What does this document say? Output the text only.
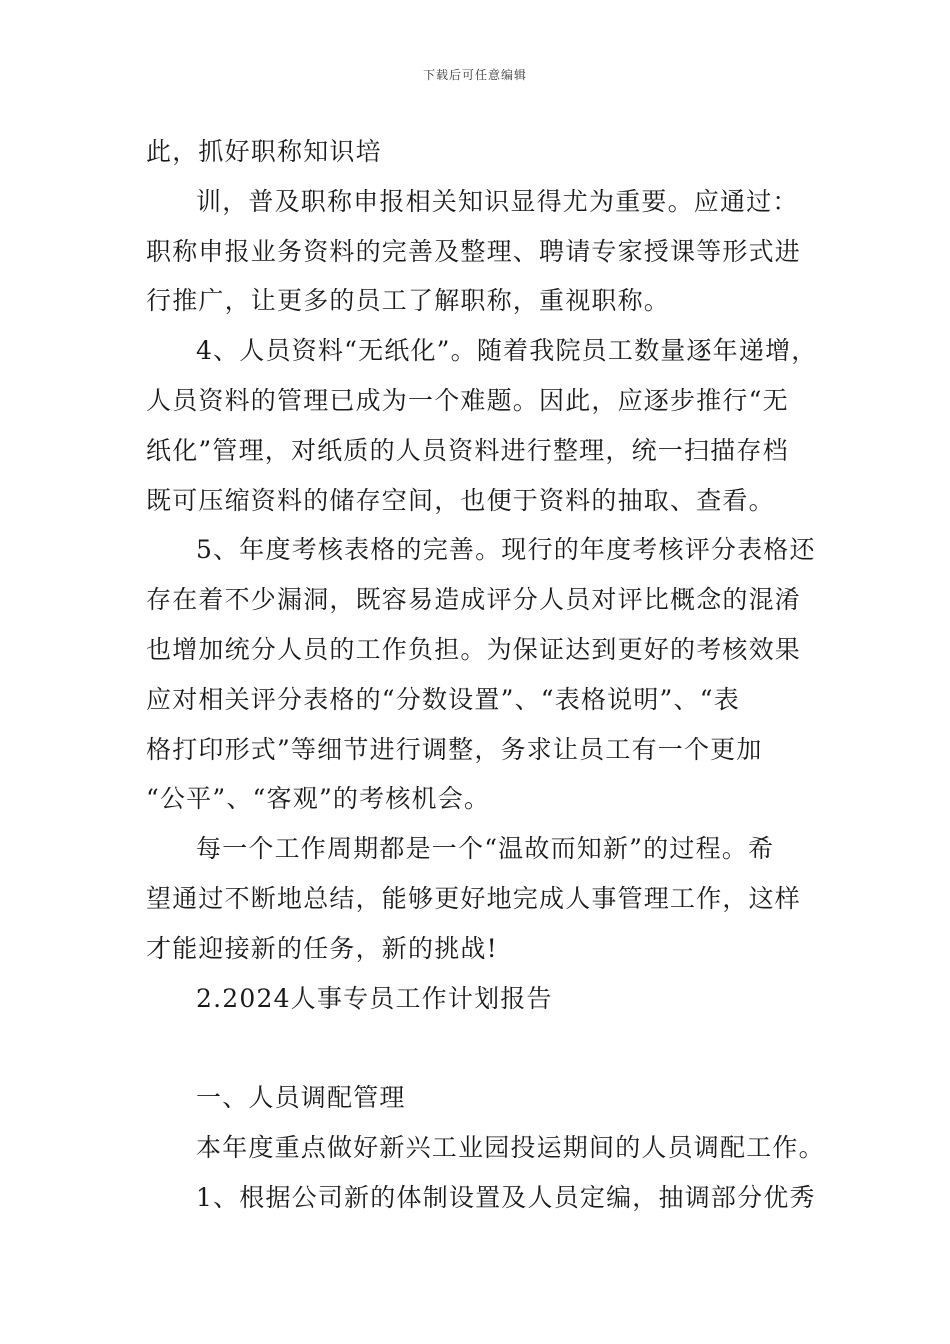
下载后可任意编辑
此，抓好职称知识培
训，普及职称申报相关知识显得尤为重要。应通过：
职称申报业务资料的完善及整理、聘请专家授课等形式进
行推广，让更多的员工了解职称，重视职称。
4、人员资料“无纸化”。随着我院员工数量逐年递增，
人员资料的管理已成为一个难题。因此，应逐步推行“无
纸化”管理，对纸质的人员资料进行整理，统一扫描存档
既可压缩资料的储存空间，也便于资料的抽取、查看。
5、年度考核表格的完善。现行的年度考核评分表格还
存在着不少漏洞，既容易造成评分人员对评比概念的混淆
也增加统分人员的工作负担。为保证达到更好的考核效果
应对相关评分表格的“分数设置”、“表格说明”、“表
格打印形式”等细节进行调整，务求让员工有一个更加
“公平”、“客观”的考核机会。
每一个工作周期都是一个“温故而知新”的过程。希
望通过不断地总结，能够更好地完成人事管理工作，这样
才能迎接新的任务，新的挑战!
2.2024人事专员工作计划报告
一、人员调配管理
本年度重点做好新兴工业园投运期间的人员调配工作。
1、根据公司新的体制设置及人员定编，抽调部分优秀
